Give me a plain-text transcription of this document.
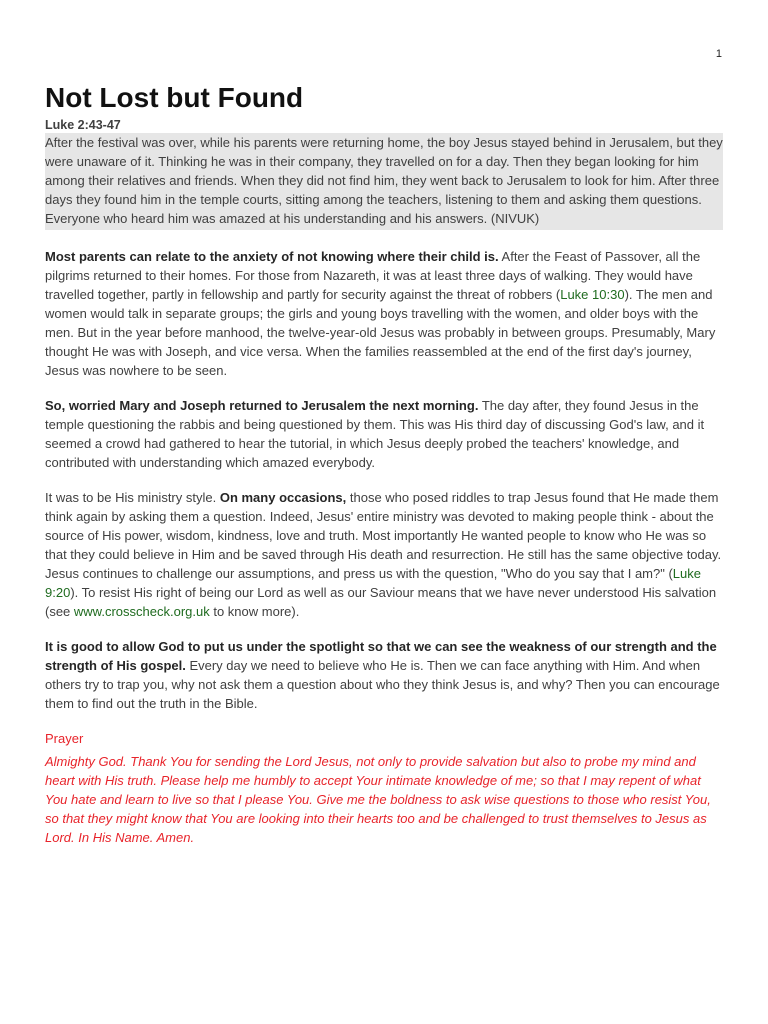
1
Not Lost but Found
Luke 2:43-47
After the festival was over, while his parents were returning home, the boy Jesus stayed behind in Jerusalem, but they were unaware of it. Thinking he was in their company, they travelled on for a day. Then they began looking for him among their relatives and friends. When they did not find him, they went back to Jerusalem to look for him. After three days they found him in the temple courts, sitting among the teachers, listening to them and asking them questions. Everyone who heard him was amazed at his understanding and his answers. (NIVUK)

Most parents can relate to the anxiety of not knowing where their child is. After the Feast of Passover, all the pilgrims returned to their homes. For those from Nazareth, it was at least three days of walking. They would have travelled together, partly in fellowship and partly for security against the threat of robbers (Luke 10:30). The men and women would talk in separate groups; the girls and young boys travelling with the women, and older boys with the men. But in the year before manhood, the twelve-year-old Jesus was probably in between groups. Presumably, Mary thought He was with Joseph, and vice versa. When the families reassembled at the end of the first day's journey, Jesus was nowhere to be seen.

So, worried Mary and Joseph returned to Jerusalem the next morning. The day after, they found Jesus in the temple questioning the rabbis and being questioned by them. This was His third day of discussing God's law, and it seemed a crowd had gathered to hear the tutorial, in which Jesus deeply probed the teachers' knowledge, and contributed with understanding which amazed everybody.

It was to be His ministry style. On many occasions, those who posed riddles to trap Jesus found that He made them think again by asking them a question. Indeed, Jesus' entire ministry was devoted to making people think - about the source of His power, wisdom, kindness, love and truth. Most importantly He wanted people to know who He was so that they could believe in Him and be saved through His death and resurrection. He still has the same objective today. Jesus continues to challenge our assumptions, and press us with the question, "Who do you say that I am?" (Luke 9:20). To resist His right of being our Lord as well as our Saviour means that we have never understood His salvation (see www.crosscheck.org.uk to know more).

It is good to allow God to put us under the spotlight so that we can see the weakness of our strength and the strength of His gospel. Every day we need to believe who He is. Then we can face anything with Him. And when others try to trap you, why not ask them a question about who they think Jesus is, and why? Then you can encourage them to find out the truth in the Bible.

Prayer
Almighty God. Thank You for sending the Lord Jesus, not only to provide salvation but also to probe my mind and heart with His truth. Please help me humbly to accept Your intimate knowledge of me; so that I may repent of what You hate and learn to live so that I please You. Give me the boldness to ask wise questions to those who resist You, so that they might know that You are looking into their hearts too and be challenged to trust themselves to Jesus as Lord. In His Name. Amen.
